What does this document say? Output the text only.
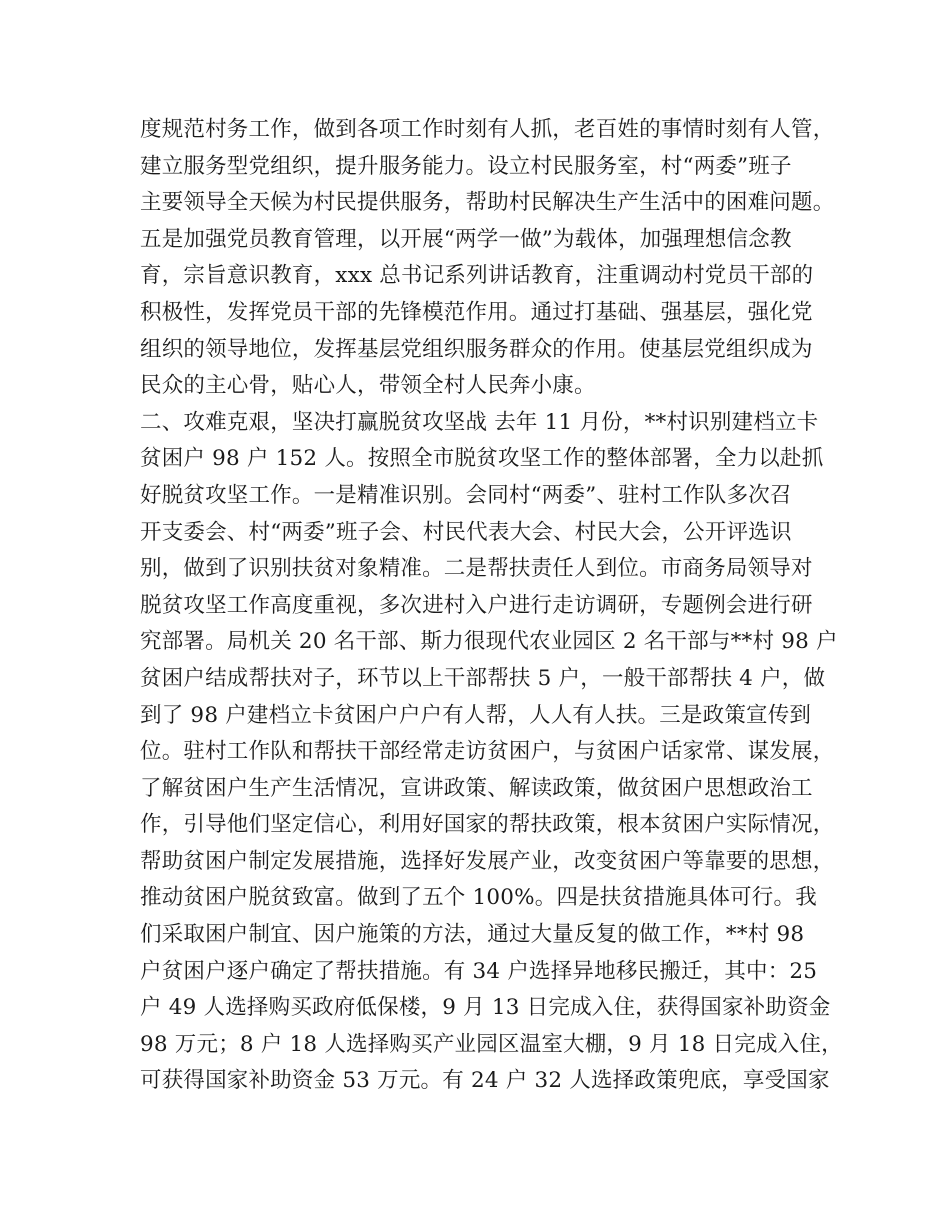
度规范村务工作，做到各项工作时刻有人抓，老百姓的事情时刻有人管，
建立服务型党组织，提升服务能力。设立村民服务室，村“两委”班子
主要领导全天候为村民提供服务，帮助村民解决生产生活中的困难问题。
五是加强党员教育管理，以开展“两学一做”为载体，加强理想信念教
育，宗旨意识教育，xxx 总书记系列讲话教育，注重调动村党员干部的
积极性，发挥党员干部的先锋模范作用。通过打基础、强基层，强化党
组织的领导地位，发挥基层党组织服务群众的作用。使基层党组织成为
民众的主心骨，贴心人，带领全村人民奔小康。
二、攻难克艰，坚决打赢脱贫攻坚战 去年 11 月份，**村识别建档立卡
贫困户 98 户 152 人。按照全市脱贫攻坚工作的整体部署，全力以赴抓
好脱贫攻坚工作。一是精准识别。会同村“两委”、驻村工作队多次召
开支委会、村“两委”班子会、村民代表大会、村民大会，公开评选识
别，做到了识别扶贫对象精准。二是帮扶责任人到位。市商务局领导对
脱贫攻坚工作高度重视，多次进村入户进行走访调研，专题例会进行研
究部署。局机关 20 名干部、斯力很现代农业园区 2 名干部与**村 98 户
贫困户结成帮扶对子，环节以上干部帮扶 5 户，一般干部帮扶 4 户，做
到了 98 户建档立卡贫困户户户有人帮，人人有人扶。三是政策宣传到
位。驻村工作队和帮扶干部经常走访贫困户，与贫困户话家常、谋发展，
了解贫困户生产生活情况，宣讲政策、解读政策，做贫困户思想政治工
作，引导他们坚定信心，利用好国家的帮扶政策，根本贫困户实际情况，
帮助贫困户制定发展措施，选择好发展产业，改变贫困户等靠要的思想，
推动贫困户脱贫致富。做到了五个 100%。四是扶贫措施具体可行。我
们采取困户制宜、因户施策的方法，通过大量反复的做工作，**村 98
户贫困户逐户确定了帮扶措施。有 34 户选择异地移民搬迁，其中：25
户 49 人选择购买政府低保楼，9 月 13 日完成入住，获得国家补助资金
98 万元；8 户 18 人选择购买产业园区温室大棚，9 月 18 日完成入住，
可获得国家补助资金 53 万元。有 24 户 32 人选择政策兜底，享受国家
